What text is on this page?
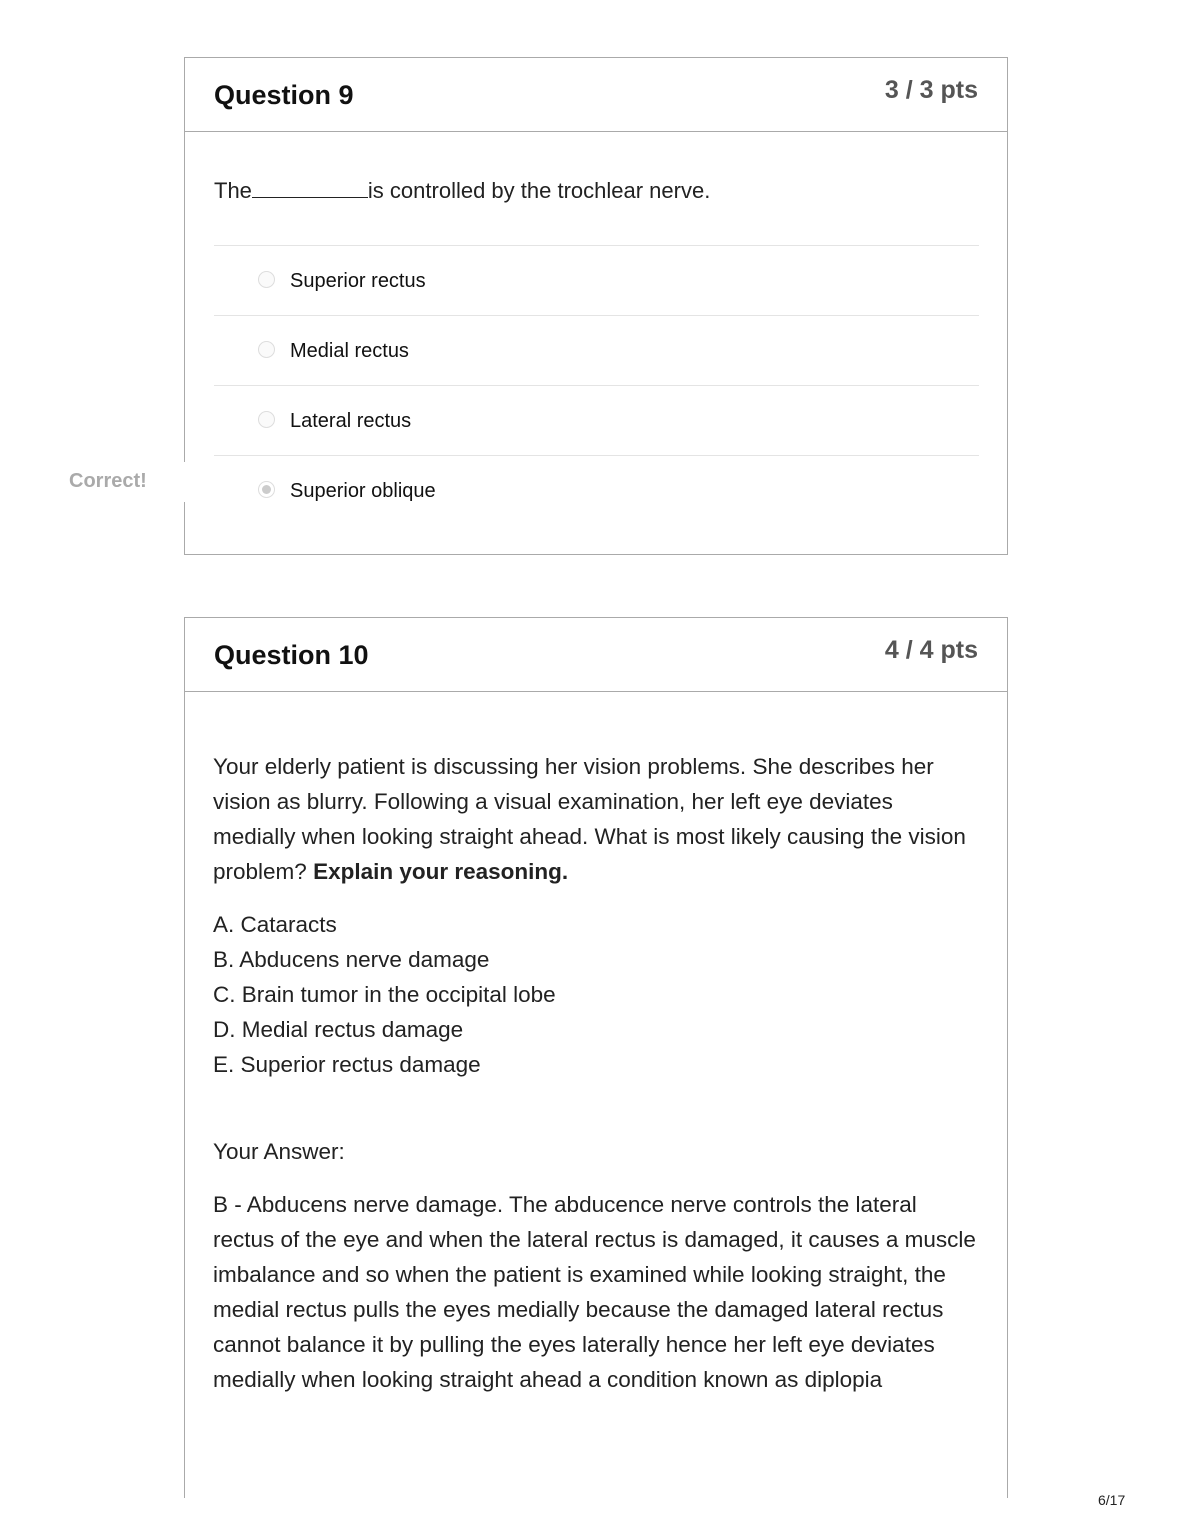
Question 9	3 / 3 pts
The	is controlled by the trochlear nerve.
Superior rectus
Medial rectus
Lateral rectus
Superior oblique
Correct!
Question 10	4 / 4 pts
Your elderly patient is discussing her vision problems. She describes her vision as blurry. Following a visual examination, her left eye deviates medially when looking straight ahead. What is most likely causing the vision problem? Explain your reasoning.
A. Cataracts
B. Abducens nerve damage
C. Brain tumor in the occipital lobe
D. Medial rectus damage
E. Superior rectus damage
Your Answer:
B - Abducens nerve damage. The abducence nerve controls the lateral rectus of the eye and when the lateral rectus is damaged, it causes a muscle imbalance and so when the patient is examined while looking straight, the medial rectus pulls the eyes medially because the damaged lateral rectus cannot balance it by pulling the eyes laterally hence her left eye deviates medially when looking straight ahead a condition known as diplopia
6/17
